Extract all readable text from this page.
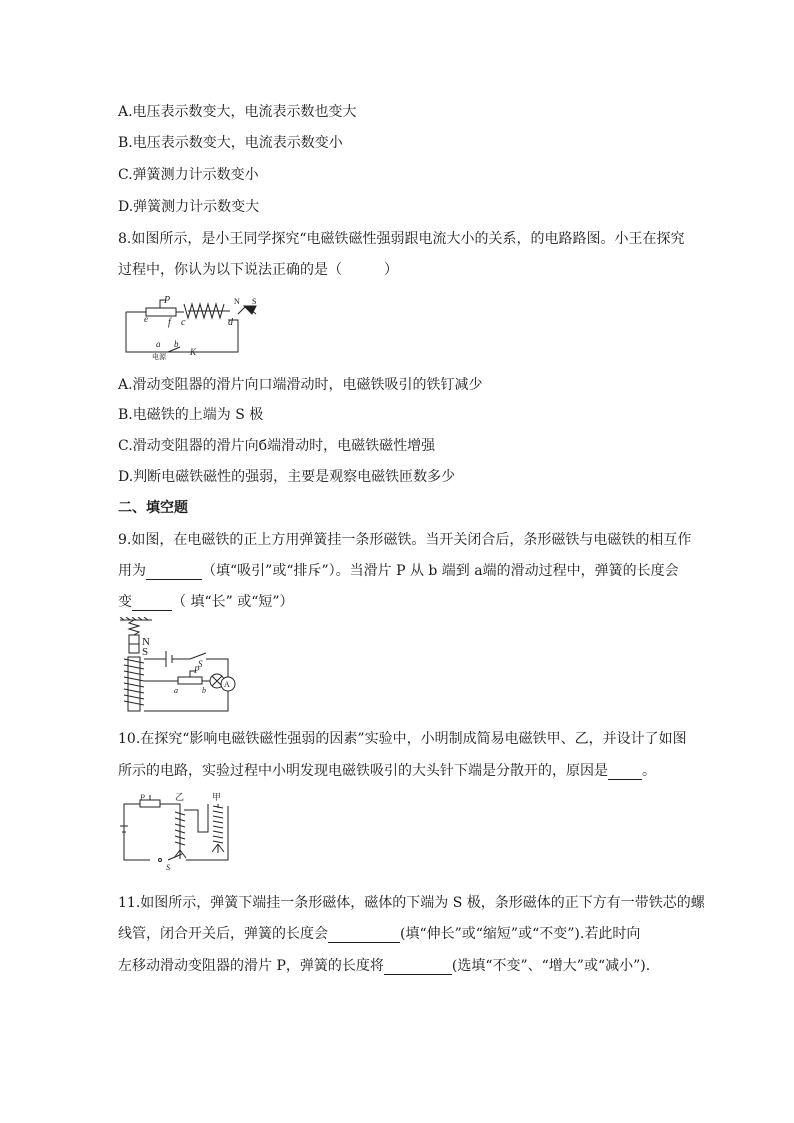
A.电压表示数变大，电流表示数也变大
B.电压表示数变大，电流表示数变小
C.弹簧测力计示数变小
D.弹簧测力计示数变大
8.如图所示，是小王同学探究“电磁铁磁性强弱跟电流大小的关系，的电路路图。小王在探究
过程中，你认为以下说法正确的是（　　　）
P
e f c	d
N S
a b
K
电源
A.滑动变阻器的滑片向口端滑动时，电磁铁吸引的铁钉减少
B.电磁铁的上端为 S 极
C.滑动变阻器的滑片向б端滑动时，电磁铁磁性增强
D.判断电磁铁磁性的强弱，主要是观察电磁铁匝数多少
二、填空题
9.如图，在电磁铁的正上方用弹簧挂一条形磁铁。当开关闭合后，条形磁铁与电磁铁的相互作
用为	（填“吸引”或“排斥”）。当滑片 P 从 b 端到 a端的滑动过程中，弹簧的长度会
变	（ 填“长” 或“短”）
N
S
S
P
a	b
A
10.在探究“影响电磁铁磁性强弱的因素”实验中，小明制成简易电磁铁甲、乙，并设计了如图
所示的电路，实验过程中小明发现电磁铁吸引的大头针下端是分散开的，原因是 。
P	乙	甲
S
11.如图所示，弹簧下端挂一条形磁体，磁体的下端为 S 极，条形磁体的正下方有一带铁芯的螺
线管，闭合开关后，弹簧的长度会	(填“伸长”或“缩短”或“不变”).若此时向
左移动滑动变阻器的滑片 P，弹簧的长度将	(选填“不变”、“增大”或“减小”).
